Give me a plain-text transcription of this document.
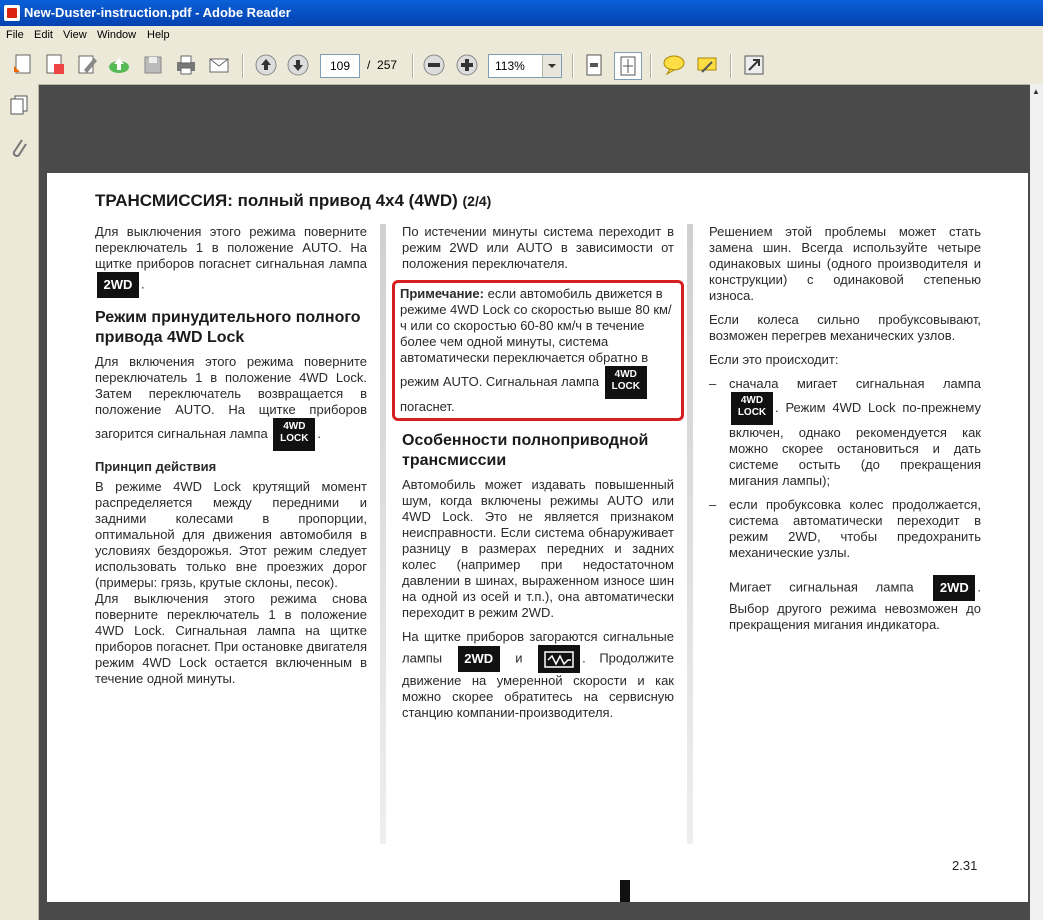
New-Duster-instruction.pdf - Adobe Reader
File Edit View Window Help
109	/ 257	113%
▲
ТРАНСМИССИЯ: полный привод 4x4 (4WD) (2/4)

Для выключения этого режима поверните переключатель 1 в положение AUTO. На щитке приборов погаснет сигнальная лампа 2WD .

Режим принудительного полного привода 4WD Lock

Для включения этого режима поверните переключатель 1 в положение 4WD Lock. Затем переключатель возвращается в положение AUTO. На щитке приборов загорится сигнальная лампа 4WD
LOCK .

Принцип действия

В режиме 4WD Lock крутящий момент распределяется между передними и задними колесами в пропорции, оптимальной для движения автомобиля в условиях бездорожья. Этот режим следует использовать только вне проезжих дорог (примеры: грязь, крутые склоны, песок).

Для выключения этого режима снова поверните переключатель 1 в положение 4WD Lock. Сигнальная лампа на щитке приборов погаснет. При остановке двигателя режим 4WD Lock остается включенным в течение одной минуты.

По истечении минуты система переходит в режим 2WD или AUTO в зависимости от положения переключателя.

Примечание: если автомобиль движется в режиме 4WD Lock со скоростью выше 80 км/ч или со скоростью 60-80 км/ч в течение более чем одной минуты, система автоматически переключается обратно в режим AUTO. Сигнальная лампа 4WD
LOCK погаснет.
Особенности полноприводной трансмиссии

Автомобиль может издавать повышенный шум, когда включены режимы AUTO или 4WD Lock. Это не является признаком неисправности. Если система обнаруживает разницу в размерах передних и задних колес (например при недостаточном давлении в шинах, выраженном износе шин на одной из осей и т.п.), она автоматически переходит в режим 2WD.

На щитке приборов загораются сигнальные лампы 2WD и	. Продолжите движение на умеренной скорости и как можно скорее обратитесь на сервисную станцию компании-производителя.

Решением этой проблемы может стать замена шин. Всегда используйте четыре одинаковых шины (одного производителя и конструкции) с одинаковой степенью износа.

Если колеса сильно пробуксовывают, возможен перегрев механических узлов.

Если это происходит:

– сначала мигает сигнальная лампа 4WD
LOCK . Режим 4WD Lock по-прежнему включен, однако рекомендуется как можно скорее остановиться и дать системе остыть (до прекращения мигания лампы);

– если пробуксовка колес продолжается, система автоматически переходит в режим 2WD, чтобы предохранить механические узлы.

Мигает сигнальная лампа 2WD . Выбор другого режима невозможен до прекращения мигания индикатора.

2.31
